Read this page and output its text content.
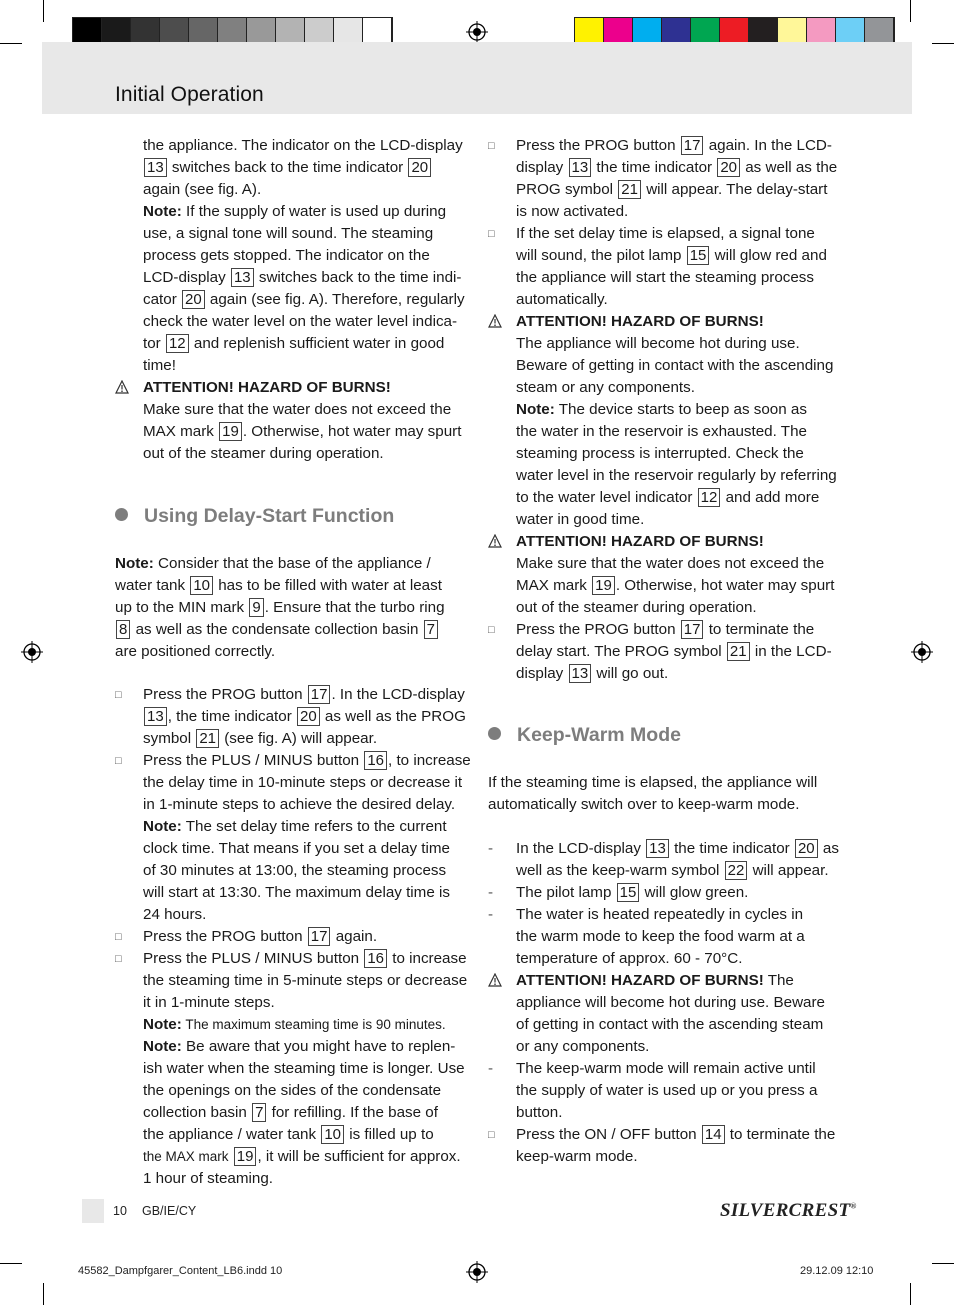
Initial Operation
the appliance. The indicator on the LCD-display
13 switches back to the time indicator 20
again (see fig. A).
Note: If the supply of water is used up during
use, a signal tone will sound. The steaming
process gets stopped. The indicator on the
LCD-display 13 switches back to the time indi-
cator 20 again (see fig. A). Therefore, regularly
check the water level on the water level indica-
tor 12 and replenish sufficient water in good
time!
ATTENTION! HAZARD OF BURNS!
Make sure that the water does not exceed the
MAX mark 19 . Otherwise, hot water may spurt
out of the steamer during operation.
Using Delay-Start Function
Note: Consider that the base of the appliance /
water tank 10 has to be filled with water at least
up to the MIN mark 9 . Ensure that the turbo ring
8 as well as the condensate collection basin 7
are positioned correctly.
□	Press the PROG button 17 . In the LCD-display
13 , the time indicator 20 as well as the PROG
symbol 21 (see fig. A) will appear.
□	Press the PLUS / MINUS button 16 , to increase
the delay time in 10-minute steps or decrease it
in 1-minute steps to achieve the desired delay.
Note: The set delay time refers to the current
clock time. That means if you set a delay time
of 30 minutes at 13:00, the steaming process
will start at 13:30. The maximum delay time is
24 hours.
□	Press the PROG button 17 again.
□	Press the PLUS / MINUS button 16 to increase
the steaming time in 5-minute steps or decrease
it in 1-minute steps.
Note: The maximum steaming time is 90 minutes.
Note: Be aware that you might have to replen-
ish water when the steaming time is longer. Use
the openings on the sides of the condensate
collection basin 7 for refilling. If the base of
the appliance / water tank 10 is filled up to
the MAX mark 19 , it will be sufficient for approx.
1 hour of steaming.
□	Press the PROG button 17 again. In the LCD-
display 13 the time indicator 20 as well as the
PROG symbol 21 will appear. The delay-start
is now activated.
□	If the set delay time is elapsed, a signal tone
will sound, the pilot lamp 15 will glow red and
the appliance will start the steaming process
automatically.
ATTENTION! HAZARD OF BURNS!
The appliance will become hot during use.
Beware of getting in contact with the ascending
steam or any components.
Note: The device starts to beep as soon as
the water in the reservoir is exhausted. The
steaming process is interrupted. Check the
water level in the reservoir regularly by referring
to the water level indicator 12 and add more
water in good time.
ATTENTION! HAZARD OF BURNS!
Make sure that the water does not exceed the
MAX mark 19 . Otherwise, hot water may spurt
out of the steamer during operation.
□	Press the PROG button 17 to terminate the
delay start. The PROG symbol 21 in the LCD-
display 13 will go out.
Keep-Warm Mode
If the steaming time is elapsed, the appliance will
automatically switch over to keep-warm mode.
-	In the LCD-display 13 the time indicator 20 as
well as the keep-warm symbol 22 will appear.
-	The pilot lamp 15 will glow green.
-	The water is heated repeatedly in cycles in
the warm mode to keep the food warm at a
temperature of approx. 60 - 70°C.
ATTENTION! HAZARD OF BURNS! The
appliance will become hot during use. Beware
of getting in contact with the ascending steam
or any components.
-	The keep-warm mode will remain active until
the supply of water is used up or you press a
button.
□	Press the ON / OFF button 14 to terminate the
keep-warm mode.
10 GB/IE/CY	SILVERCREST®
45582_Dampfgarer_Content_LB6.indd 10	29.12.09 12:10
